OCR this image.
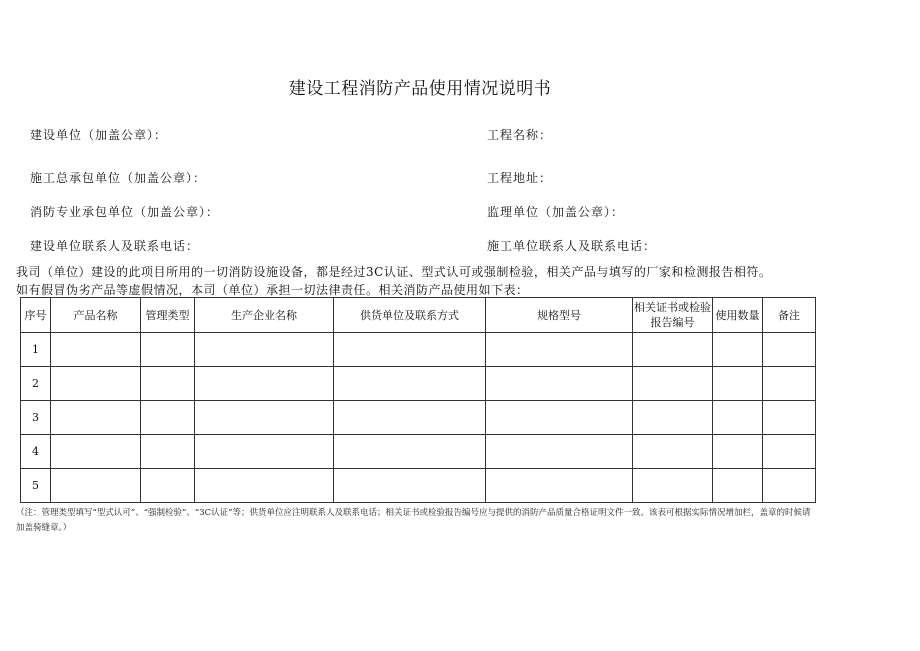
建设工程消防产品使用情况说明书
建设单位（加盖公章）：	工程名称：
施工总承包单位（加盖公章）：	工程地址：
消防专业承包单位（加盖公章）：	监理单位（加盖公章）：
建设单位联系人及联系电话：	施工单位联系人及联系电话：
我司（单位）建设的此项目所用的一切消防设施设备，都是经过3C认证、型式认可或强制检验，相关产品与填写的厂家和检测报告相符。
如有假冒伪劣产品等虚假情况，本司（单位）承担一切法律责任。相关消防产品使用如下表：
序号	产品名称	管理类型	生产企业名称	供货单位及联系方式	规格型号	相关证书或检验报告编号	使用数量	备注
1								
2								
3								
4								
5								
（注：管理类型填写“型式认可”、“强制检验”、“3C认证”等；供货单位应注明联系人及联系电话；相关证书或检验报告编号应与提供的消防产品质量合格证明文件一致。该表可根据实际情况增加栏，盖章的时候请加盖骑缝章。）
